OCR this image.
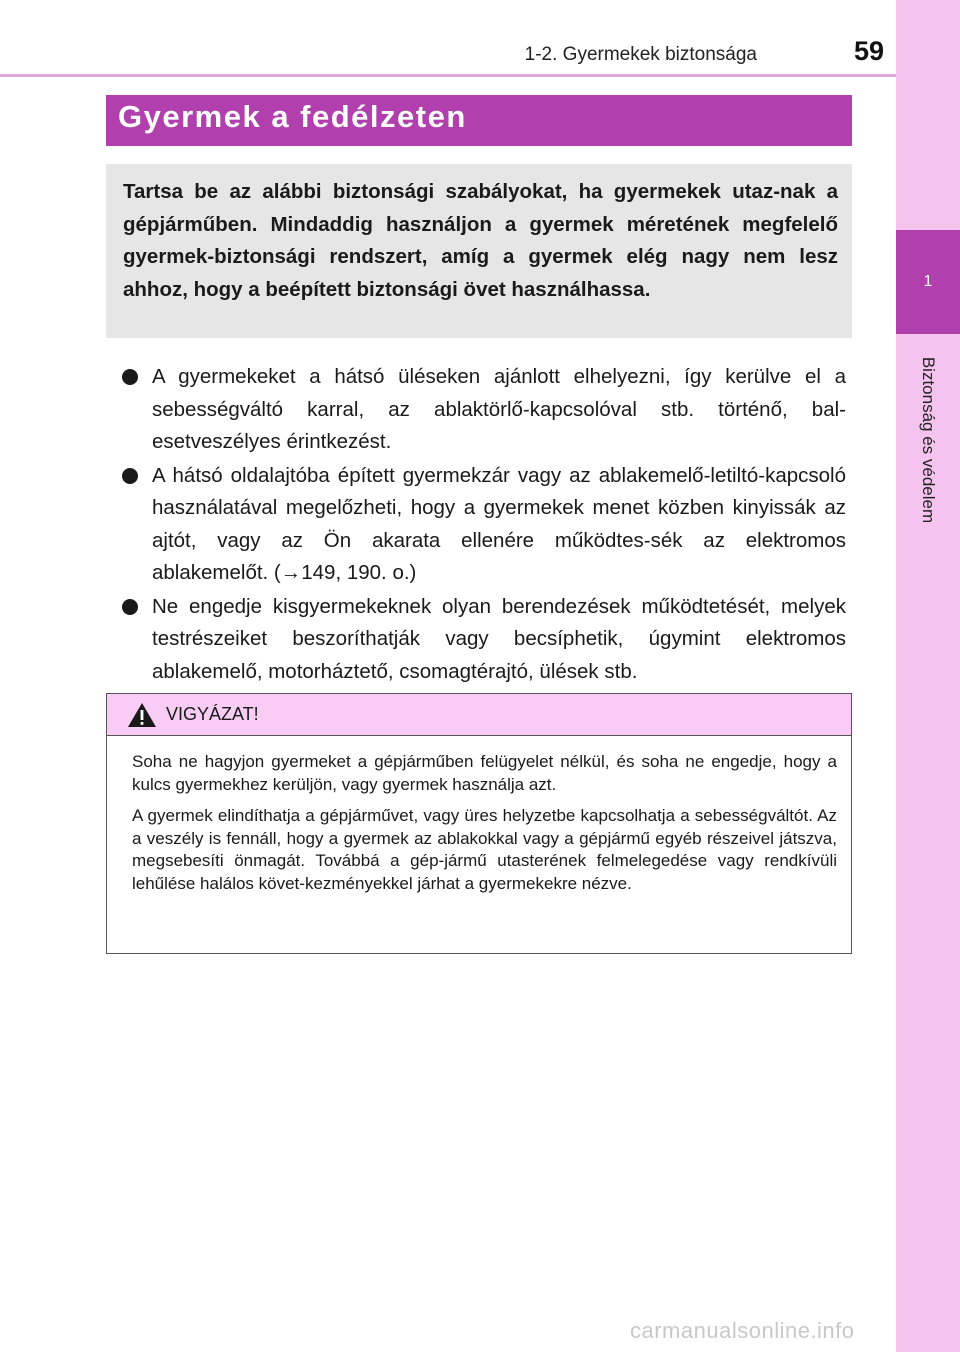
1-2. Gyermekek biztonsága	59
1
Biztonság és védelem
Gyermek a fedélzeten
Tartsa be az alábbi biztonsági szabályokat, ha gyermekek utaz-nak a gépjárműben. Mindaddig használjon a gyermek méretének megfelelő gyermek-biztonsági rendszert, amíg a gyermek elég nagy nem lesz ahhoz, hogy a beépített biztonsági övet használhassa.
A gyermekeket a hátsó üléseken ajánlott elhelyezni, így kerülve el a sebességváltó karral, az ablaktörlő-kapcsolóval stb. történő, bal-esetveszélyes érintkezést.
A hátsó oldalajtóba épített gyermekzár vagy az ablakemelő-letiltó-kapcsoló használatával megelőzheti, hogy a gyermekek menet közben kinyissák az ajtót, vagy az Ön akarata ellenére működtes-sék az elektromos ablakemelőt. (→149, 190. o.)
Ne engedje kisgyermekeknek olyan berendezések működtetését, melyek testrészeiket beszoríthatják vagy becsíphetik, úgymint elektromos ablakemelő, motorháztető, csomagtérajtó, ülések stb.
VIGYÁZAT!

Soha ne hagyjon gyermeket a gépjárműben felügyelet nélkül, és soha ne engedje, hogy a kulcs gyermekhez kerüljön, vagy gyermek használja azt.

A gyermek elindíthatja a gépjárművet, vagy üres helyzetbe kapcsolhatja a sebességváltót. Az a veszély is fennáll, hogy a gyermek az ablakokkal vagy a gépjármű egyéb részeivel játszva, megsebesíti önmagát. Továbbá a gép-jármű utasterének felmelegedése vagy rendkívüli lehűlése halálos követ-kezményekkel járhat a gyermekekre nézve.

carmanualsonline.info
